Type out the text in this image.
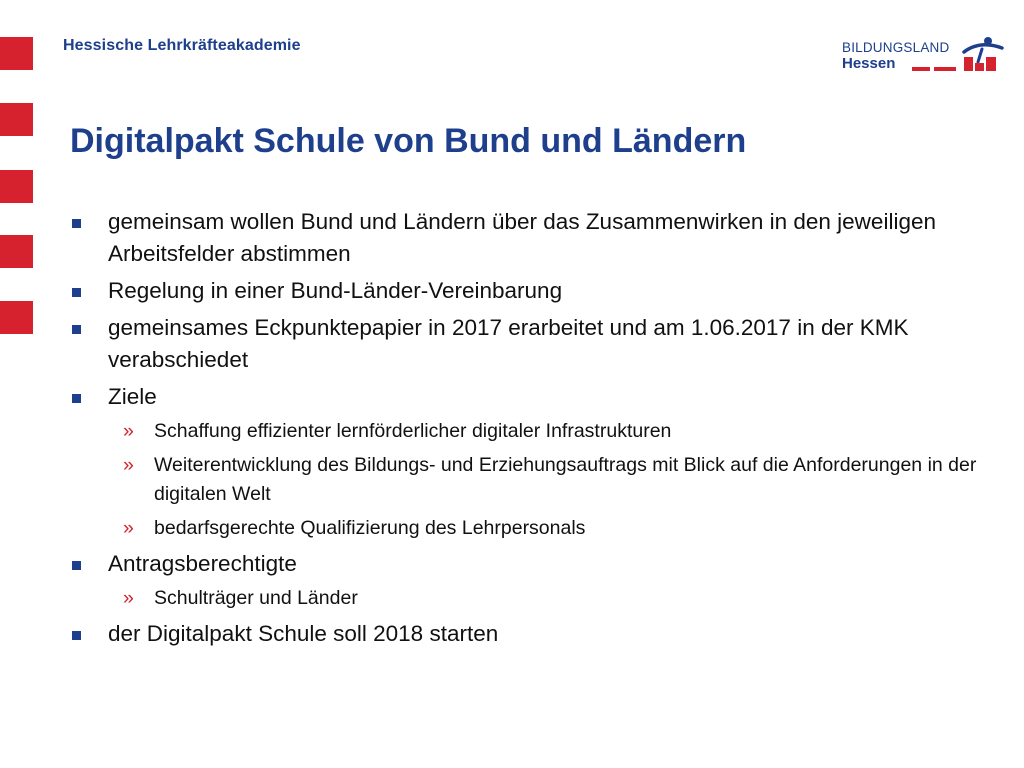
Hessische Lehrkräfteakademie	BILDUNGSLAND
Hessen
Digitalpakt Schule von Bund und Ländern
gemeinsam wollen Bund und Ländern über das Zusammenwirken in den jeweiligen Arbeitsfelder abstimmen
Regelung in einer Bund-Länder-Vereinbarung
gemeinsames Eckpunktepapier in 2017 erarbeitet und am 1.06.2017 in der KMK verabschiedet
Ziele
» Schaffung effizienter lernförderlicher digitaler Infrastrukturen
» Weiterentwicklung des Bildungs- und Erziehungsauftrags mit Blick auf die Anforderungen in der digitalen Welt
» bedarfsgerechte Qualifizierung des Lehrpersonals
Antragsberechtigte
» Schulträger und Länder
der Digitalpakt Schule soll 2018 starten
